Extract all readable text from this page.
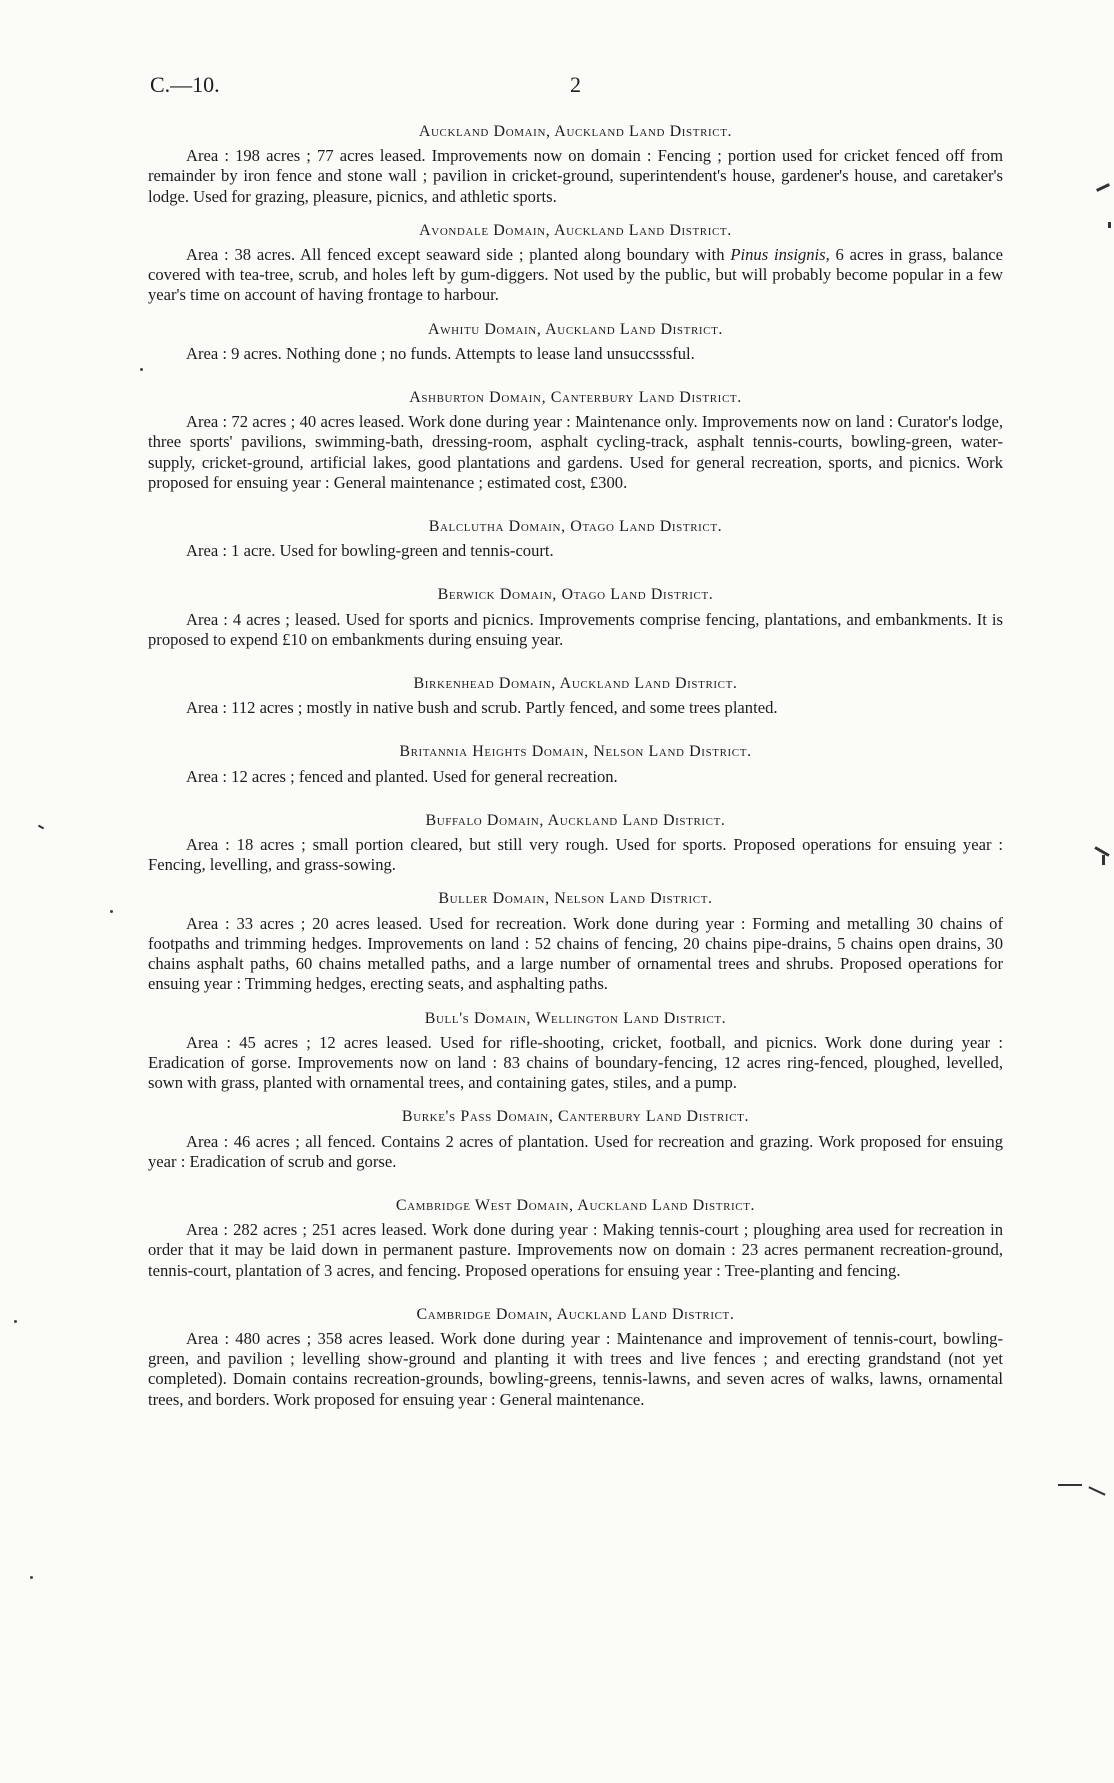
C.—10.	2
Auckland Domain, Auckland Land District.

Area : 198 acres ; 77 acres leased. Improvements now on domain : Fencing ; portion used for cricket fenced off from remainder by iron fence and stone wall ; pavilion in cricket-ground, superintendent's house, gardener's house, and caretaker's lodge. Used for grazing, pleasure, picnics, and athletic sports.

Avondale Domain, Auckland Land District.

Area : 38 acres. All fenced except seaward side ; planted along boundary with Pinus insignis, 6 acres in grass, balance covered with tea-tree, scrub, and holes left by gum-diggers. Not used by the public, but will probably become popular in a few year's time on account of having frontage to harbour.

Awhitu Domain, Auckland Land District.

Area : 9 acres. Nothing done ; no funds. Attempts to lease land unsuccsssful.

Ashburton Domain, Canterbury Land District.

Area : 72 acres ; 40 acres leased. Work done during year : Maintenance only. Improvements now on land : Curator's lodge, three sports' pavilions, swimming-bath, dressing-room, asphalt cycling-track, asphalt tennis-courts, bowling-green, water-supply, cricket-ground, artificial lakes, good plantations and gardens. Used for general recreation, sports, and picnics. Work proposed for ensuing year : General maintenance ; estimated cost, £300.

Balclutha Domain, Otago Land District.

Area : 1 acre. Used for bowling-green and tennis-court.

Berwick Domain, Otago Land District.

Area : 4 acres ; leased. Used for sports and picnics. Improvements comprise fencing, plantations, and embankments. It is proposed to expend £10 on embankments during ensuing year.

Birkenhead Domain, Auckland Land District.

Area : 112 acres ; mostly in native bush and scrub. Partly fenced, and some trees planted.

Britannia Heights Domain, Nelson Land District.

Area : 12 acres ; fenced and planted. Used for general recreation.

Buffalo Domain, Auckland Land District.

Area : 18 acres ; small portion cleared, but still very rough. Used for sports. Proposed operations for ensuing year : Fencing, levelling, and grass-sowing.

Buller Domain, Nelson Land District.

Area : 33 acres ; 20 acres leased. Used for recreation. Work done during year : Forming and metalling 30 chains of footpaths and trimming hedges. Improvements on land : 52 chains of fencing, 20 chains pipe-drains, 5 chains open drains, 30 chains asphalt paths, 60 chains metalled paths, and a large number of ornamental trees and shrubs. Proposed operations for ensuing year : Trimming hedges, erecting seats, and asphalting paths.

Bull's Domain, Wellington Land District.

Area : 45 acres ; 12 acres leased. Used for rifle-shooting, cricket, football, and picnics. Work done during year : Eradication of gorse. Improvements now on land : 83 chains of boundary-fencing, 12 acres ring-fenced, ploughed, levelled, sown with grass, planted with ornamental trees, and containing gates, stiles, and a pump.

Burke's Pass Domain, Canterbury Land District.

Area : 46 acres ; all fenced. Contains 2 acres of plantation. Used for recreation and grazing. Work proposed for ensuing year : Eradication of scrub and gorse.

Cambridge West Domain, Auckland Land District.

Area : 282 acres ; 251 acres leased. Work done during year : Making tennis-court ; ploughing area used for recreation in order that it may be laid down in permanent pasture. Improvements now on domain : 23 acres permanent recreation-ground, tennis-court, plantation of 3 acres, and fencing. Proposed operations for ensuing year : Tree-planting and fencing.

Cambridge Domain, Auckland Land District.

Area : 480 acres ; 358 acres leased. Work done during year : Maintenance and improvement of tennis-court, bowling-green, and pavilion ; levelling show-ground and planting it with trees and live fences ; and erecting grandstand (not yet completed). Domain contains recreation-grounds, bowling-greens, tennis-lawns, and seven acres of walks, lawns, ornamental trees, and borders. Work proposed for ensuing year : General maintenance.
